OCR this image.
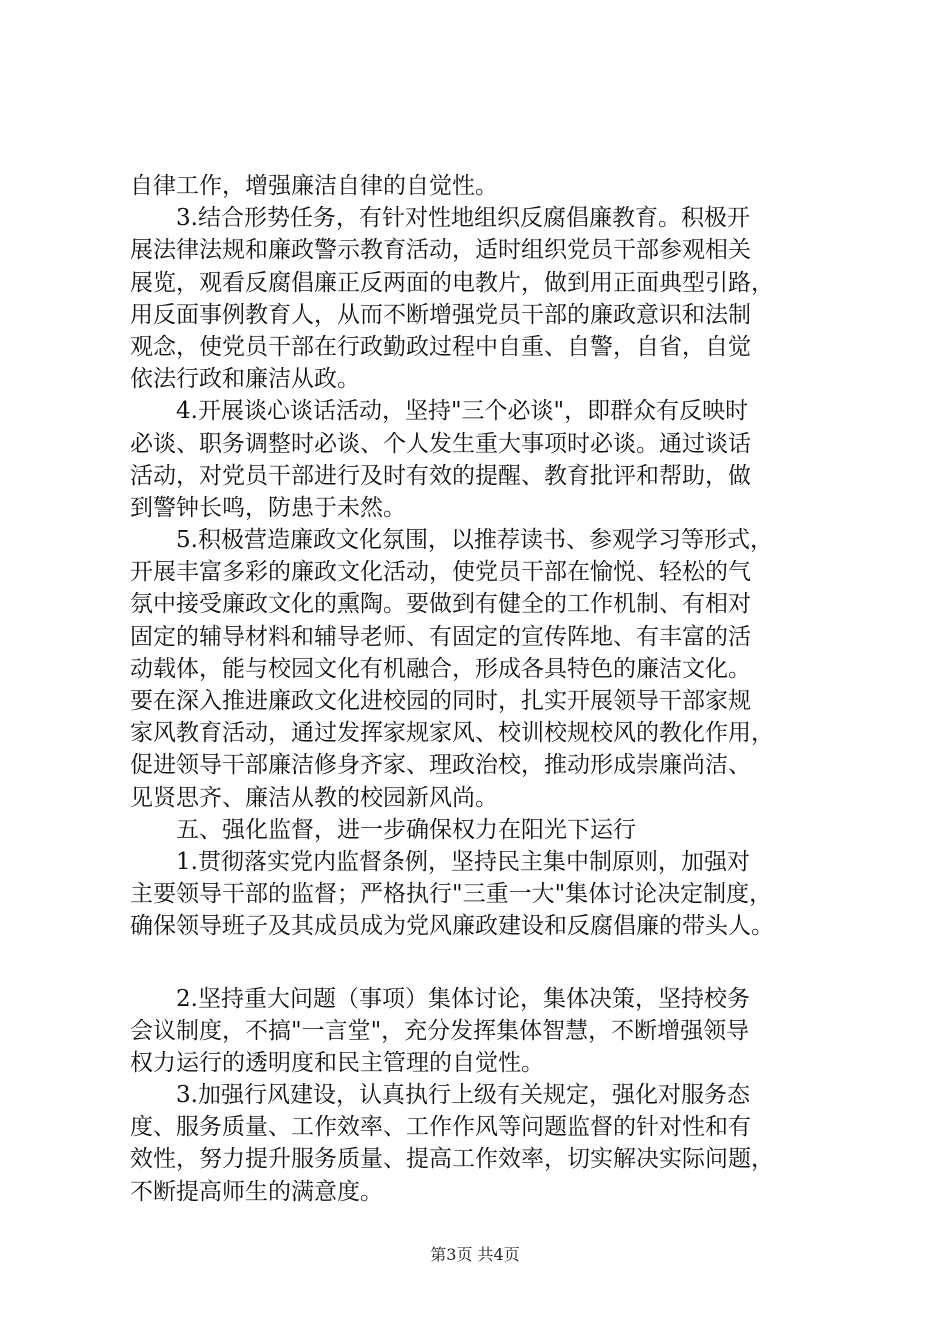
自律工作，增强廉洁自律的自觉性。
3.结合形势任务，有针对性地组织反腐倡廉教育。积极开
展法律法规和廉政警示教育活动，适时组织党员干部参观相关
展览，观看反腐倡廉正反两面的电教片，做到用正面典型引路，
用反面事例教育人，从而不断增强党员干部的廉政意识和法制
观念，使党员干部在行政勤政过程中自重、自警，自省，自觉
依法行政和廉洁从政。
4.开展谈心谈话活动，坚持"三个必谈"，即群众有反映时
必谈、职务调整时必谈、个人发生重大事项时必谈。通过谈话
活动，对党员干部进行及时有效的提醒、教育批评和帮助，做
到警钟长鸣，防患于未然。
5.积极营造廉政文化氛围，以推荐读书、参观学习等形式，
开展丰富多彩的廉政文化活动，使党员干部在愉悦、轻松的气
氛中接受廉政文化的熏陶。要做到有健全的工作机制、有相对
固定的辅导材料和辅导老师、有固定的宣传阵地、有丰富的活
动载体，能与校园文化有机融合，形成各具特色的廉洁文化。
要在深入推进廉政文化进校园的同时，扎实开展领导干部家规
家风教育活动，通过发挥家规家风、校训校规校风的教化作用，
促进领导干部廉洁修身齐家、理政治校，推动形成崇廉尚洁、
见贤思齐、廉洁从教的校园新风尚。
五、强化监督，进一步确保权力在阳光下运行
1.贯彻落实党内监督条例，坚持民主集中制原则，加强对
主要领导干部的监督；严格执行"三重一大"集体讨论决定制度，
确保领导班子及其成员成为党风廉政建设和反腐倡廉的带头人。
2.坚持重大问题（事项）集体讨论，集体决策，坚持校务
会议制度，不搞"一言堂"，充分发挥集体智慧，不断增强领导
权力运行的透明度和民主管理的自觉性。
3.加强行风建设，认真执行上级有关规定，强化对服务态
度、服务质量、工作效率、工作作风等问题监督的针对性和有
效性，努力提升服务质量、提高工作效率，切实解决实际问题，
不断提高师生的满意度。
第3页 共4页
